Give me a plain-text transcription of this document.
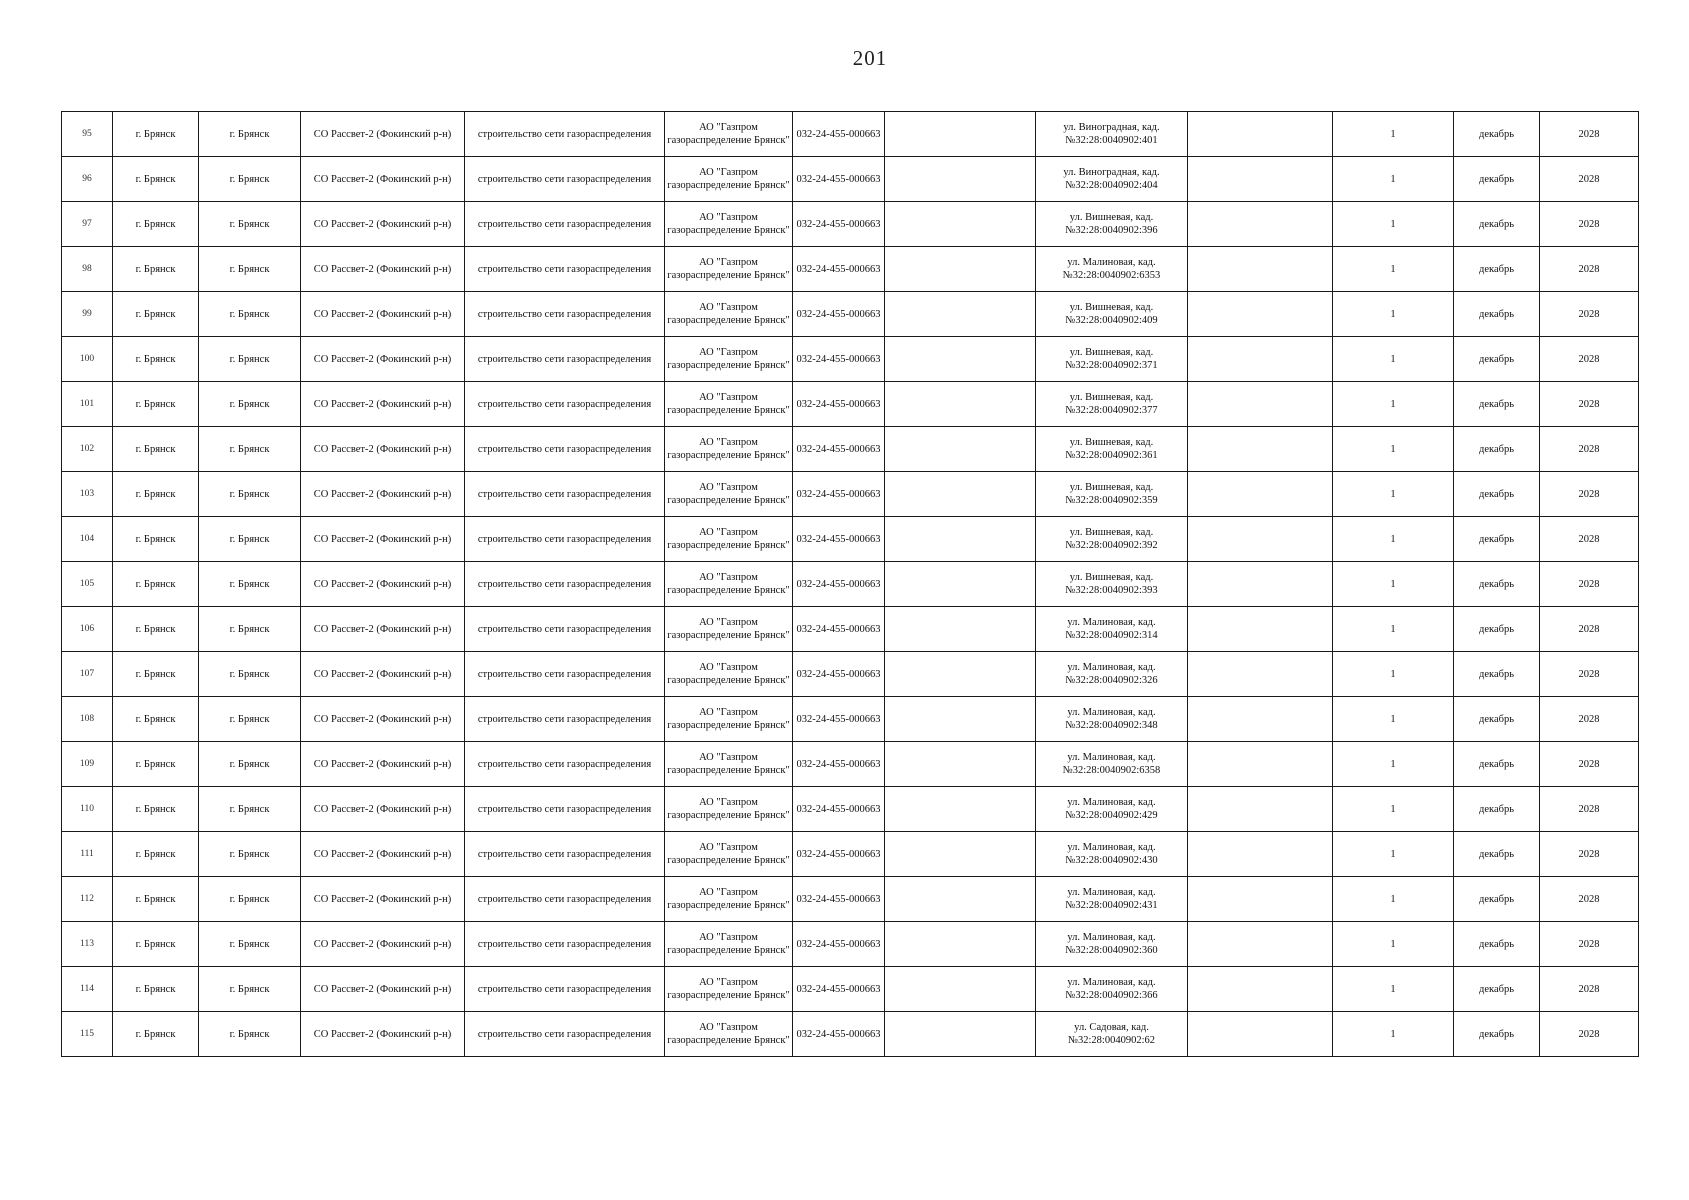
201
95	г. Брянск	г. Брянск	СО Рассвет-2 (Фокинский р-н)	строительство сети газораспределения	АО "Газпром газораспределение Брянск"	032-24-455-000663		ул. Виноградная, кад. №32:28:0040902:401		1	декабрь	2028
96	г. Брянск	г. Брянск	СО Рассвет-2 (Фокинский р-н)	строительство сети газораспределения	АО "Газпром газораспределение Брянск"	032-24-455-000663		ул. Виноградная, кад. №32:28:0040902:404		1	декабрь	2028
97	г. Брянск	г. Брянск	СО Рассвет-2 (Фокинский р-н)	строительство сети газораспределения	АО "Газпром газораспределение Брянск"	032-24-455-000663		ул. Вишневая, кад. №32:28:0040902:396		1	декабрь	2028
98	г. Брянск	г. Брянск	СО Рассвет-2 (Фокинский р-н)	строительство сети газораспределения	АО "Газпром газораспределение Брянск"	032-24-455-000663		ул. Малиновая, кад. №32:28:0040902:6353		1	декабрь	2028
99	г. Брянск	г. Брянск	СО Рассвет-2 (Фокинский р-н)	строительство сети газораспределения	АО "Газпром газораспределение Брянск"	032-24-455-000663		ул. Вишневая, кад. №32:28:0040902:409		1	декабрь	2028
100	г. Брянск	г. Брянск	СО Рассвет-2 (Фокинский р-н)	строительство сети газораспределения	АО "Газпром газораспределение Брянск"	032-24-455-000663		ул. Вишневая, кад. №32:28:0040902:371		1	декабрь	2028
101	г. Брянск	г. Брянск	СО Рассвет-2 (Фокинский р-н)	строительство сети газораспределения	АО "Газпром газораспределение Брянск"	032-24-455-000663		ул. Вишневая, кад. №32:28:0040902:377		1	декабрь	2028
102	г. Брянск	г. Брянск	СО Рассвет-2 (Фокинский р-н)	строительство сети газораспределения	АО "Газпром газораспределение Брянск"	032-24-455-000663		ул. Вишневая, кад. №32:28:0040902:361		1	декабрь	2028
103	г. Брянск	г. Брянск	СО Рассвет-2 (Фокинский р-н)	строительство сети газораспределения	АО "Газпром газораспределение Брянск"	032-24-455-000663		ул. Вишневая, кад. №32:28:0040902:359		1	декабрь	2028
104	г. Брянск	г. Брянск	СО Рассвет-2 (Фокинский р-н)	строительство сети газораспределения	АО "Газпром газораспределение Брянск"	032-24-455-000663		ул. Вишневая, кад. №32:28:0040902:392		1	декабрь	2028
105	г. Брянск	г. Брянск	СО Рассвет-2 (Фокинский р-н)	строительство сети газораспределения	АО "Газпром газораспределение Брянск"	032-24-455-000663		ул. Вишневая, кад. №32:28:0040902:393		1	декабрь	2028
106	г. Брянск	г. Брянск	СО Рассвет-2 (Фокинский р-н)	строительство сети газораспределения	АО "Газпром газораспределение Брянск"	032-24-455-000663		ул. Малиновая, кад. №32:28:0040902:314		1	декабрь	2028
107	г. Брянск	г. Брянск	СО Рассвет-2 (Фокинский р-н)	строительство сети газораспределения	АО "Газпром газораспределение Брянск"	032-24-455-000663		ул. Малиновая, кад. №32:28:0040902:326		1	декабрь	2028
108	г. Брянск	г. Брянск	СО Рассвет-2 (Фокинский р-н)	строительство сети газораспределения	АО "Газпром газораспределение Брянск"	032-24-455-000663		ул. Малиновая, кад. №32:28:0040902:348		1	декабрь	2028
109	г. Брянск	г. Брянск	СО Рассвет-2 (Фокинский р-н)	строительство сети газораспределения	АО "Газпром газораспределение Брянск"	032-24-455-000663		ул. Малиновая, кад. №32:28:0040902:6358		1	декабрь	2028
110	г. Брянск	г. Брянск	СО Рассвет-2 (Фокинский р-н)	строительство сети газораспределения	АО "Газпром газораспределение Брянск"	032-24-455-000663		ул. Малиновая, кад. №32:28:0040902:429		1	декабрь	2028
111	г. Брянск	г. Брянск	СО Рассвет-2 (Фокинский р-н)	строительство сети газораспределения	АО "Газпром газораспределение Брянск"	032-24-455-000663		ул. Малиновая, кад. №32:28:0040902:430		1	декабрь	2028
112	г. Брянск	г. Брянск	СО Рассвет-2 (Фокинский р-н)	строительство сети газораспределения	АО "Газпром газораспределение Брянск"	032-24-455-000663		ул. Малиновая, кад. №32:28:0040902:431		1	декабрь	2028
113	г. Брянск	г. Брянск	СО Рассвет-2 (Фокинский р-н)	строительство сети газораспределения	АО "Газпром газораспределение Брянск"	032-24-455-000663		ул. Малиновая, кад. №32:28:0040902:360		1	декабрь	2028
114	г. Брянск	г. Брянск	СО Рассвет-2 (Фокинский р-н)	строительство сети газораспределения	АО "Газпром газораспределение Брянск"	032-24-455-000663		ул. Малиновая, кад. №32:28:0040902:366		1	декабрь	2028
115	г. Брянск	г. Брянск	СО Рассвет-2 (Фокинский р-н)	строительство сети газораспределения	АО "Газпром газораспределение Брянск"	032-24-455-000663		ул. Садовая, кад. №32:28:0040902:62		1	декабрь	2028
